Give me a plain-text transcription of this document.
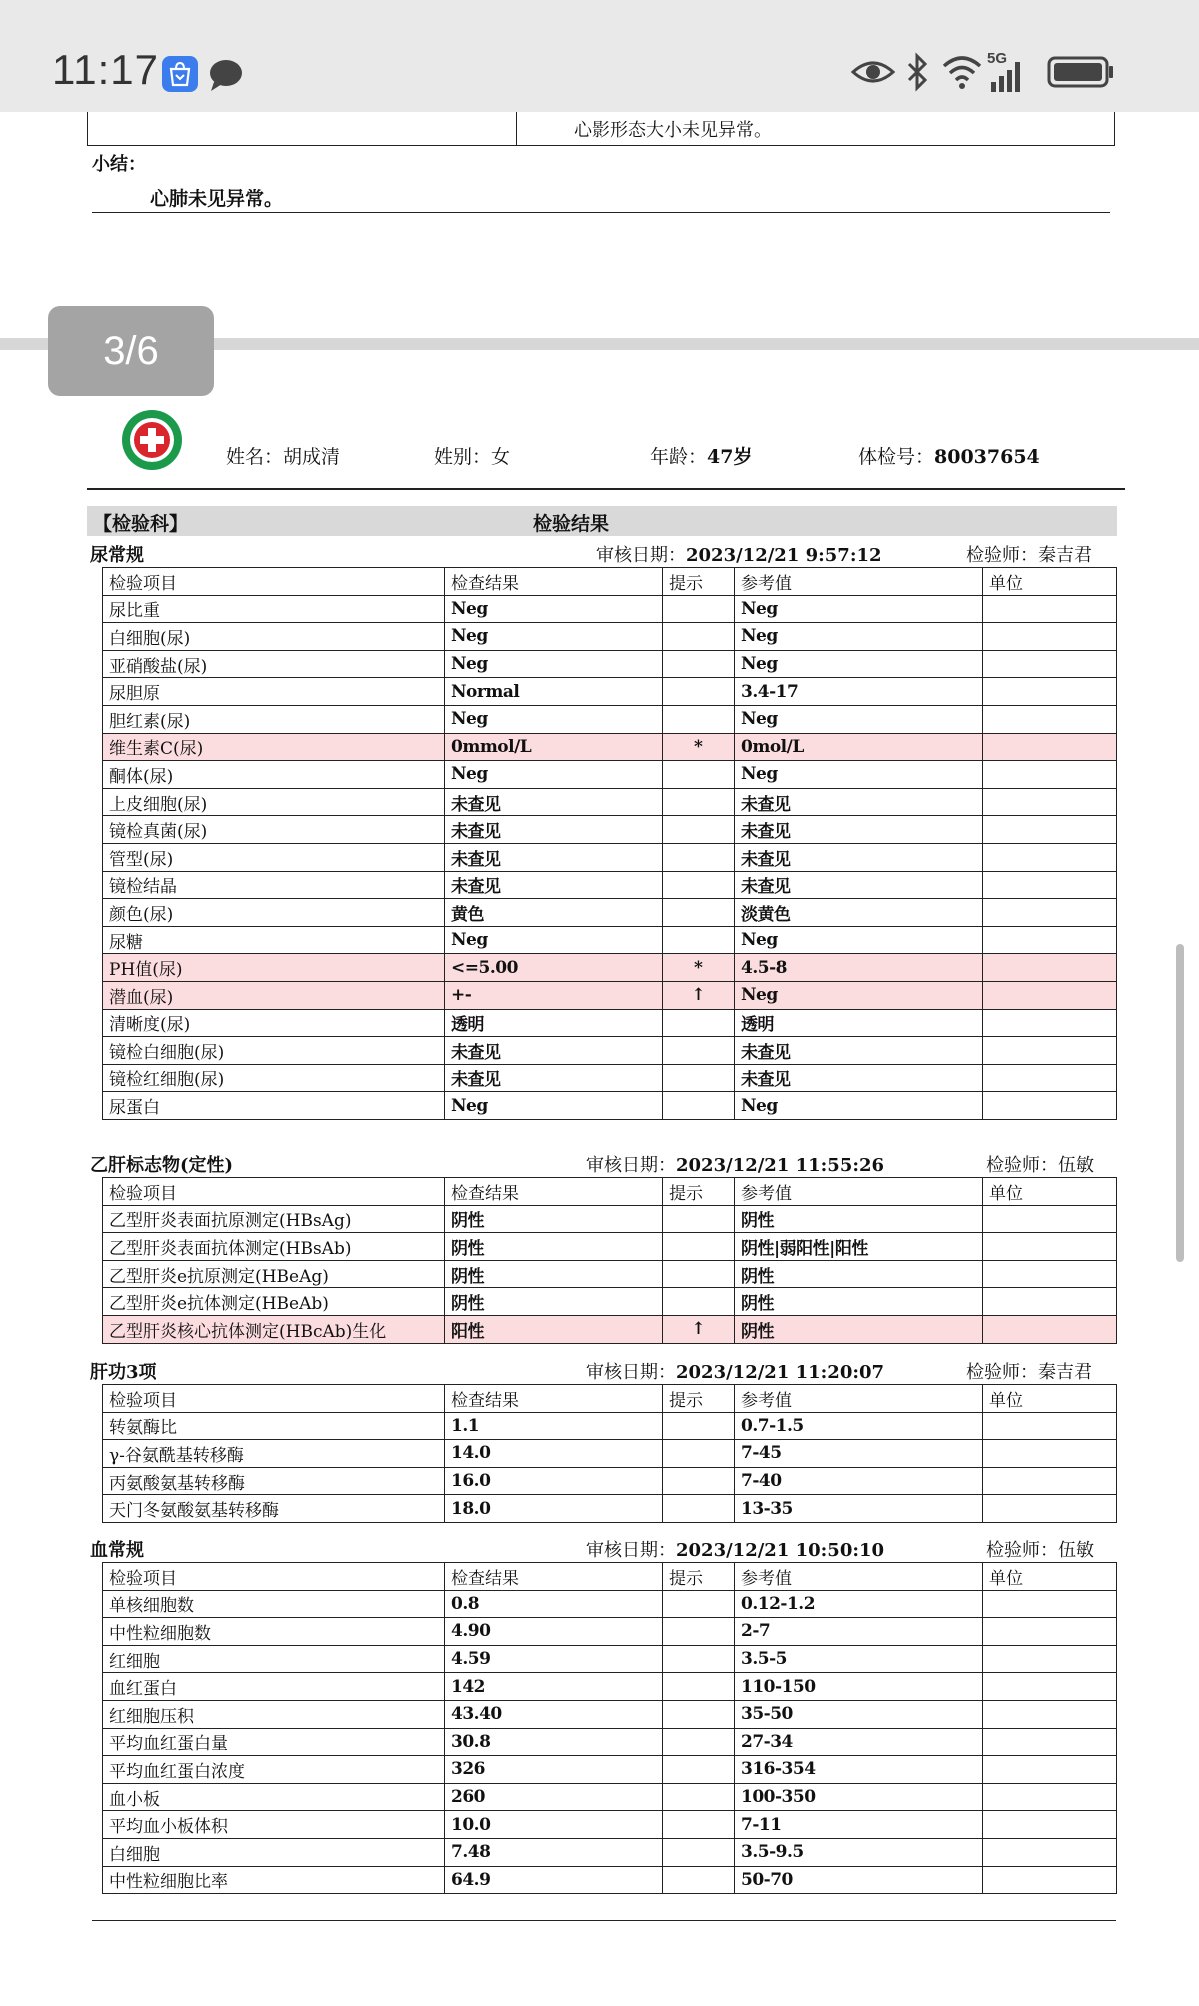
11:17	5G
心影形态大小未见异常。
小结：
心肺未见异常。
3/6
姓名：胡成清	姓别：女	年龄：47岁	体检号：80037654
【检验科】	检验结果
尿常规	审核日期：2023/12/21 9:57:12	检验师：秦吉君
检验项目	检查结果	提示	参考值	单位
尿比重	Neg		Neg	
白细胞(尿)	Neg		Neg	
亚硝酸盐(尿)	Neg		Neg	
尿胆原	Normal		3.4-17	
胆红素(尿)	Neg		Neg	
维生素C(尿)	0mmol/L	*	0mol/L	
酮体(尿)	Neg		Neg	
上皮细胞(尿)	未查见		未查见	
镜检真菌(尿)	未查见		未查见	
管型(尿)	未查见		未查见	
镜检结晶	未查见		未查见	
颜色(尿)	黄色		淡黄色	
尿糖	Neg		Neg	
PH值(尿)	<=5.00	*	4.5-8	
潜血(尿)	+-	↑	Neg	
清晰度(尿)	透明		透明	
镜检白细胞(尿)	未查见		未查见	
镜检红细胞(尿)	未查见		未查见	
尿蛋白	Neg		Neg	
乙肝标志物(定性)	审核日期：2023/12/21 11:55:26	检验师：伍敏
检验项目	检查结果	提示	参考值	单位
乙型肝炎表面抗原测定(HBsAg)	阴性		阴性	
乙型肝炎表面抗体测定(HBsAb)	阴性		阴性|弱阳性|阳性	
乙型肝炎e抗原测定(HBeAg)	阴性		阴性	
乙型肝炎e抗体测定(HBeAb)	阴性		阴性	
乙型肝炎核心抗体测定(HBcAb)生化	阳性	↑	阴性	
肝功3项	审核日期：2023/12/21 11:20:07	检验师：秦吉君
检验项目	检查结果	提示	参考值	单位
转氨酶比	1.1		0.7-1.5	
γ-谷氨酰基转移酶	14.0		7-45	
丙氨酸氨基转移酶	16.0		7-40	
天门冬氨酸氨基转移酶	18.0		13-35	
血常规	审核日期：2023/12/21 10:50:10	检验师：伍敏
检验项目	检查结果	提示	参考值	单位
单核细胞数	0.8		0.12-1.2	
中性粒细胞数	4.90		2-7	
红细胞	4.59		3.5-5	
血红蛋白	142		110-150	
红细胞压积	43.40		35-50	
平均血红蛋白量	30.8		27-34	
平均血红蛋白浓度	326		316-354	
血小板	260		100-350	
平均血小板体积	10.0		7-11	
白细胞	7.48		3.5-9.5	
中性粒细胞比率	64.9		50-70	
